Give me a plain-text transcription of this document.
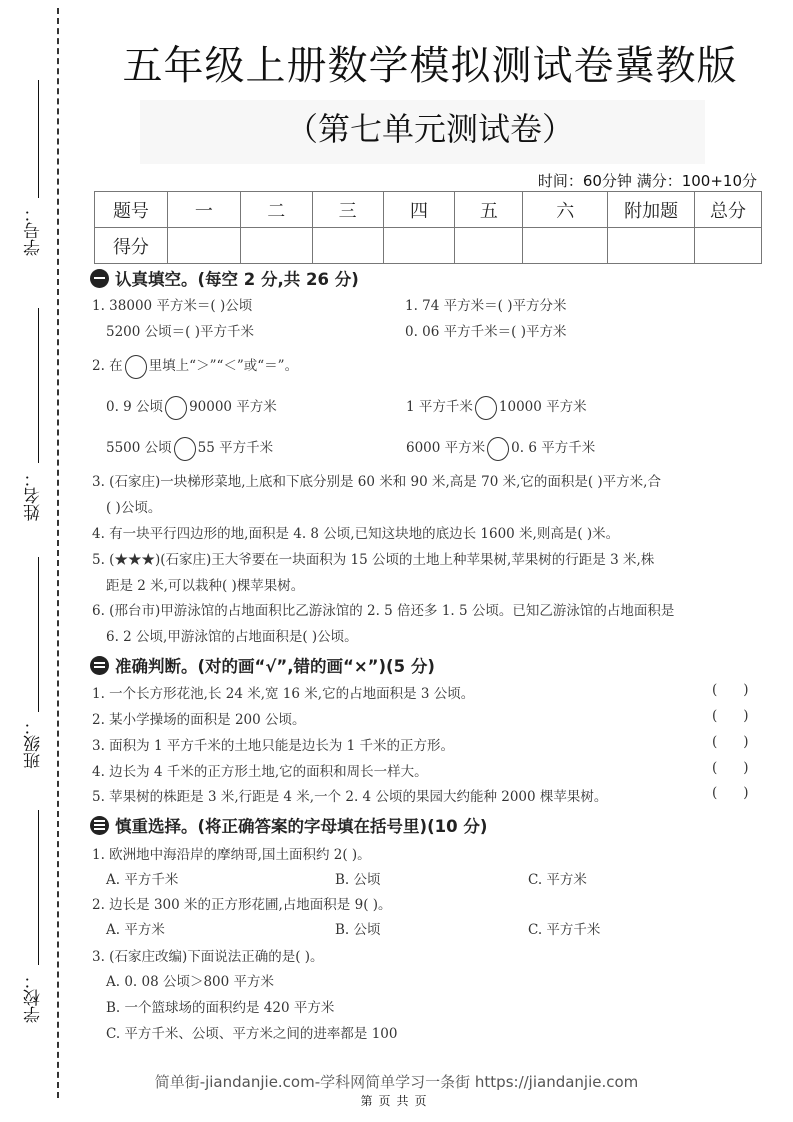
学号：
姓名：
班级：
学校：
五年级上册数学模拟测试卷冀教版
（第七单元测试卷）
时间：60分钟 满分：100+10分
题号	一	二	三	四	五	六	附加题	总分
得分								
认真填空。(每空 2 分,共 26 分)
1. 38000 平方米＝( )公顷	1. 74 平方米＝( )平方分米
5200 公顷＝( )平方千米	0. 06 平方千米＝( )平方米
2. 在 里填上“＞”“＜”或“＝”。
0. 9 公顷 90000 平方米	1 平方千米 10000 平方米
5500 公顷 55 平方千米	6000 平方米 0. 6 平方千米
3. (石家庄)一块梯形菜地,上底和下底分别是 60 米和 90 米,高是 70 米,它的面积是( )平方米,合
( )公顷。
4. 有一块平行四边形的地,面积是 4. 8 公顷,已知这块地的底边长 1600 米,则高是( )米。
5. (★★★)(石家庄)王大爷要在一块面积为 15 公顷的土地上种苹果树,苹果树的行距是 3 米,株
距是 2 米,可以栽种( )棵苹果树。
6. (邢台市)甲游泳馆的占地面积比乙游泳馆的 2. 5 倍还多 1. 5 公顷。已知乙游泳馆的占地面积是
6. 2 公顷,甲游泳馆的占地面积是( )公顷。
准确判断。(对的画“√”,错的画“×”)(5 分)
1. 一个长方形花池,长 24 米,宽 16 米,它的占地面积是 3 公顷。	()
2. 某小学操场的面积是 200 公顷。	()
3. 面积为 1 平方千米的土地只能是边长为 1 千米的正方形。	()
4. 边长为 4 千米的正方形土地,它的面积和周长一样大。	()
5. 苹果树的株距是 3 米,行距是 4 米,一个 2. 4 公顷的果园大约能种 2000 棵苹果树。	()
慎重选择。(将正确答案的字母填在括号里)(10 分)
1. 欧洲地中海沿岸的摩纳哥,国土面积约 2( )。
A. 平方千米	B. 公顷	C. 平方米
2. 边长是 300 米的正方形花圃,占地面积是 9( )。
A. 平方米	B. 公顷	C. 平方千米
3. (石家庄改编)下面说法正确的是( )。
A. 0. 08 公顷＞800 平方米
B. 一个篮球场的面积约是 420 平方米
C. 平方千米、公顷、平方米之间的进率都是 100
简单街-jiandanjie.com-学科网简单学习一条街 https://jiandanjie.com
第页共页
